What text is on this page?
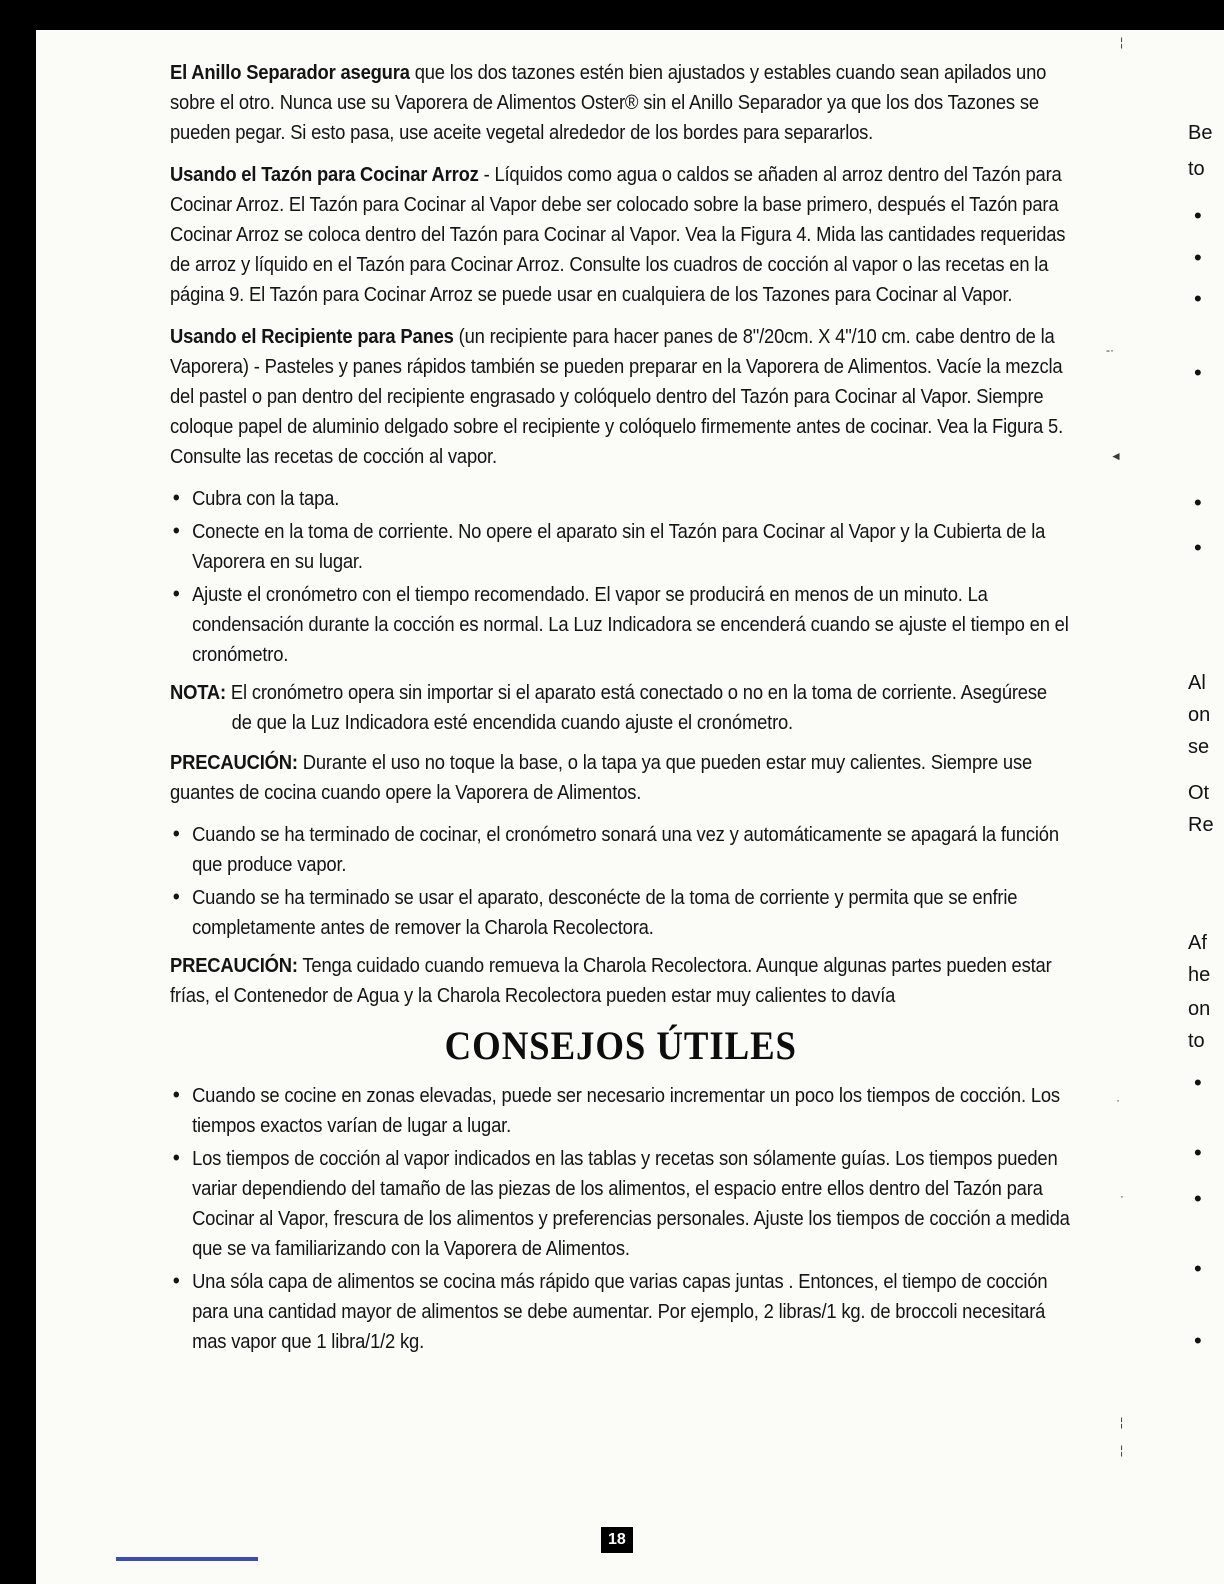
El Anillo Separador asegura que los dos tazones estén bien ajustados y estables cuando sean apilados uno sobre el otro. Nunca use su Vaporera de Alimentos Oster® sin el Anillo Separador ya que los dos Tazones se pueden pegar. Si esto pasa, use aceite vegetal alrededor de los bordes para separarlos.

Usando el Tazón para Cocinar Arroz - Líquidos como agua o caldos se añaden al arroz dentro del Tazón para Cocinar Arroz. El Tazón para Cocinar al Vapor debe ser colocado sobre la base primero, después el Tazón para Cocinar Arroz se coloca dentro del Tazón para Cocinar al Vapor. Vea la Figura 4. Mida las cantidades requeridas de arroz y líquido en el Tazón para Cocinar Arroz. Consulte los cuadros de cocción al vapor o las recetas en la página 9. El Tazón para Cocinar Arroz se puede usar en cualquiera de los Tazones para Cocinar al Vapor.

Usando el Recipiente para Panes (un recipiente para hacer panes de 8"/20cm. X 4"/10 cm. cabe dentro de la Vaporera) - Pasteles y panes rápidos también se pueden preparar en la Vaporera de Alimentos. Vacíe la mezcla del pastel o pan dentro del recipiente engrasado y colóquelo dentro del Tazón para Cocinar al Vapor. Siempre coloque papel de aluminio delgado sobre el recipiente y colóquelo firmemente antes de cocinar. Vea la Figura 5. Consulte las recetas de cocción al vapor.

• Cubra con la tapa.
• Conecte en la toma de corriente. No opere el aparato sin el Tazón para Cocinar al Vapor y la Cubierta de la Vaporera en su lugar.
• Ajuste el cronómetro con el tiempo recomendado. El vapor se producirá en menos de un minuto. La condensación durante la cocción es normal. La Luz Indicadora se encenderá cuando se ajuste el tiempo en el cronómetro.

NOTA: El cronómetro opera sin importar si el aparato está conectado o no en la toma de corriente. Asegúrese de que la Luz Indicadora esté encendida cuando ajuste el cronómetro.

PRECAUCIÓN: Durante el uso no toque la base, o la tapa ya que pueden estar muy calientes. Siempre use guantes de cocina cuando opere la Vaporera de Alimentos.

• Cuando se ha terminado de cocinar, el cronómetro sonará una vez y automáticamente se apagará la función que produce vapor.
• Cuando se ha terminado se usar el aparato, desconécte de la toma de corriente y permita que se enfrie completamente antes de remover la Charola Recolectora.

PRECAUCIÓN: Tenga cuidado cuando remueva la Charola Recolectora. Aunque algunas partes pueden estar frías, el Contenedor de Agua y la Charola Recolectora pueden estar muy calientes to davía

CONSEJOS ÚTILES
• Cuando se cocine en zonas elevadas, puede ser necesario incrementar un poco los tiempos de cocción. Los tiempos exactos varían de lugar a lugar.
• Los tiempos de cocción al vapor indicados en las tablas y recetas son sólamente guías. Los tiempos pueden variar dependiendo del tamaño de las piezas de los alimentos, el espacio entre ellos dentro del Tazón para Cocinar al Vapor, frescura de los alimentos y preferencias personales. Ajuste los tiempos de cocción a medida que se va familiarizando con la Vaporera de Alimentos.
• Una sóla capa de alimentos se cocina más rápido que varias capas juntas . Entonces, el tiempo de cocción para una cantidad mayor de alimentos se debe aumentar. Por ejemplo, 2 libras/1 kg. de broccoli necesitará mas vapor que 1 libra/1/2 kg.
Be
to
•
•
•
•
•
•
Al
on
se
Ot
Re
Af
he
on
to
•
•
•
•
•
¦
-·
◄
·
·
¦
¦
18
